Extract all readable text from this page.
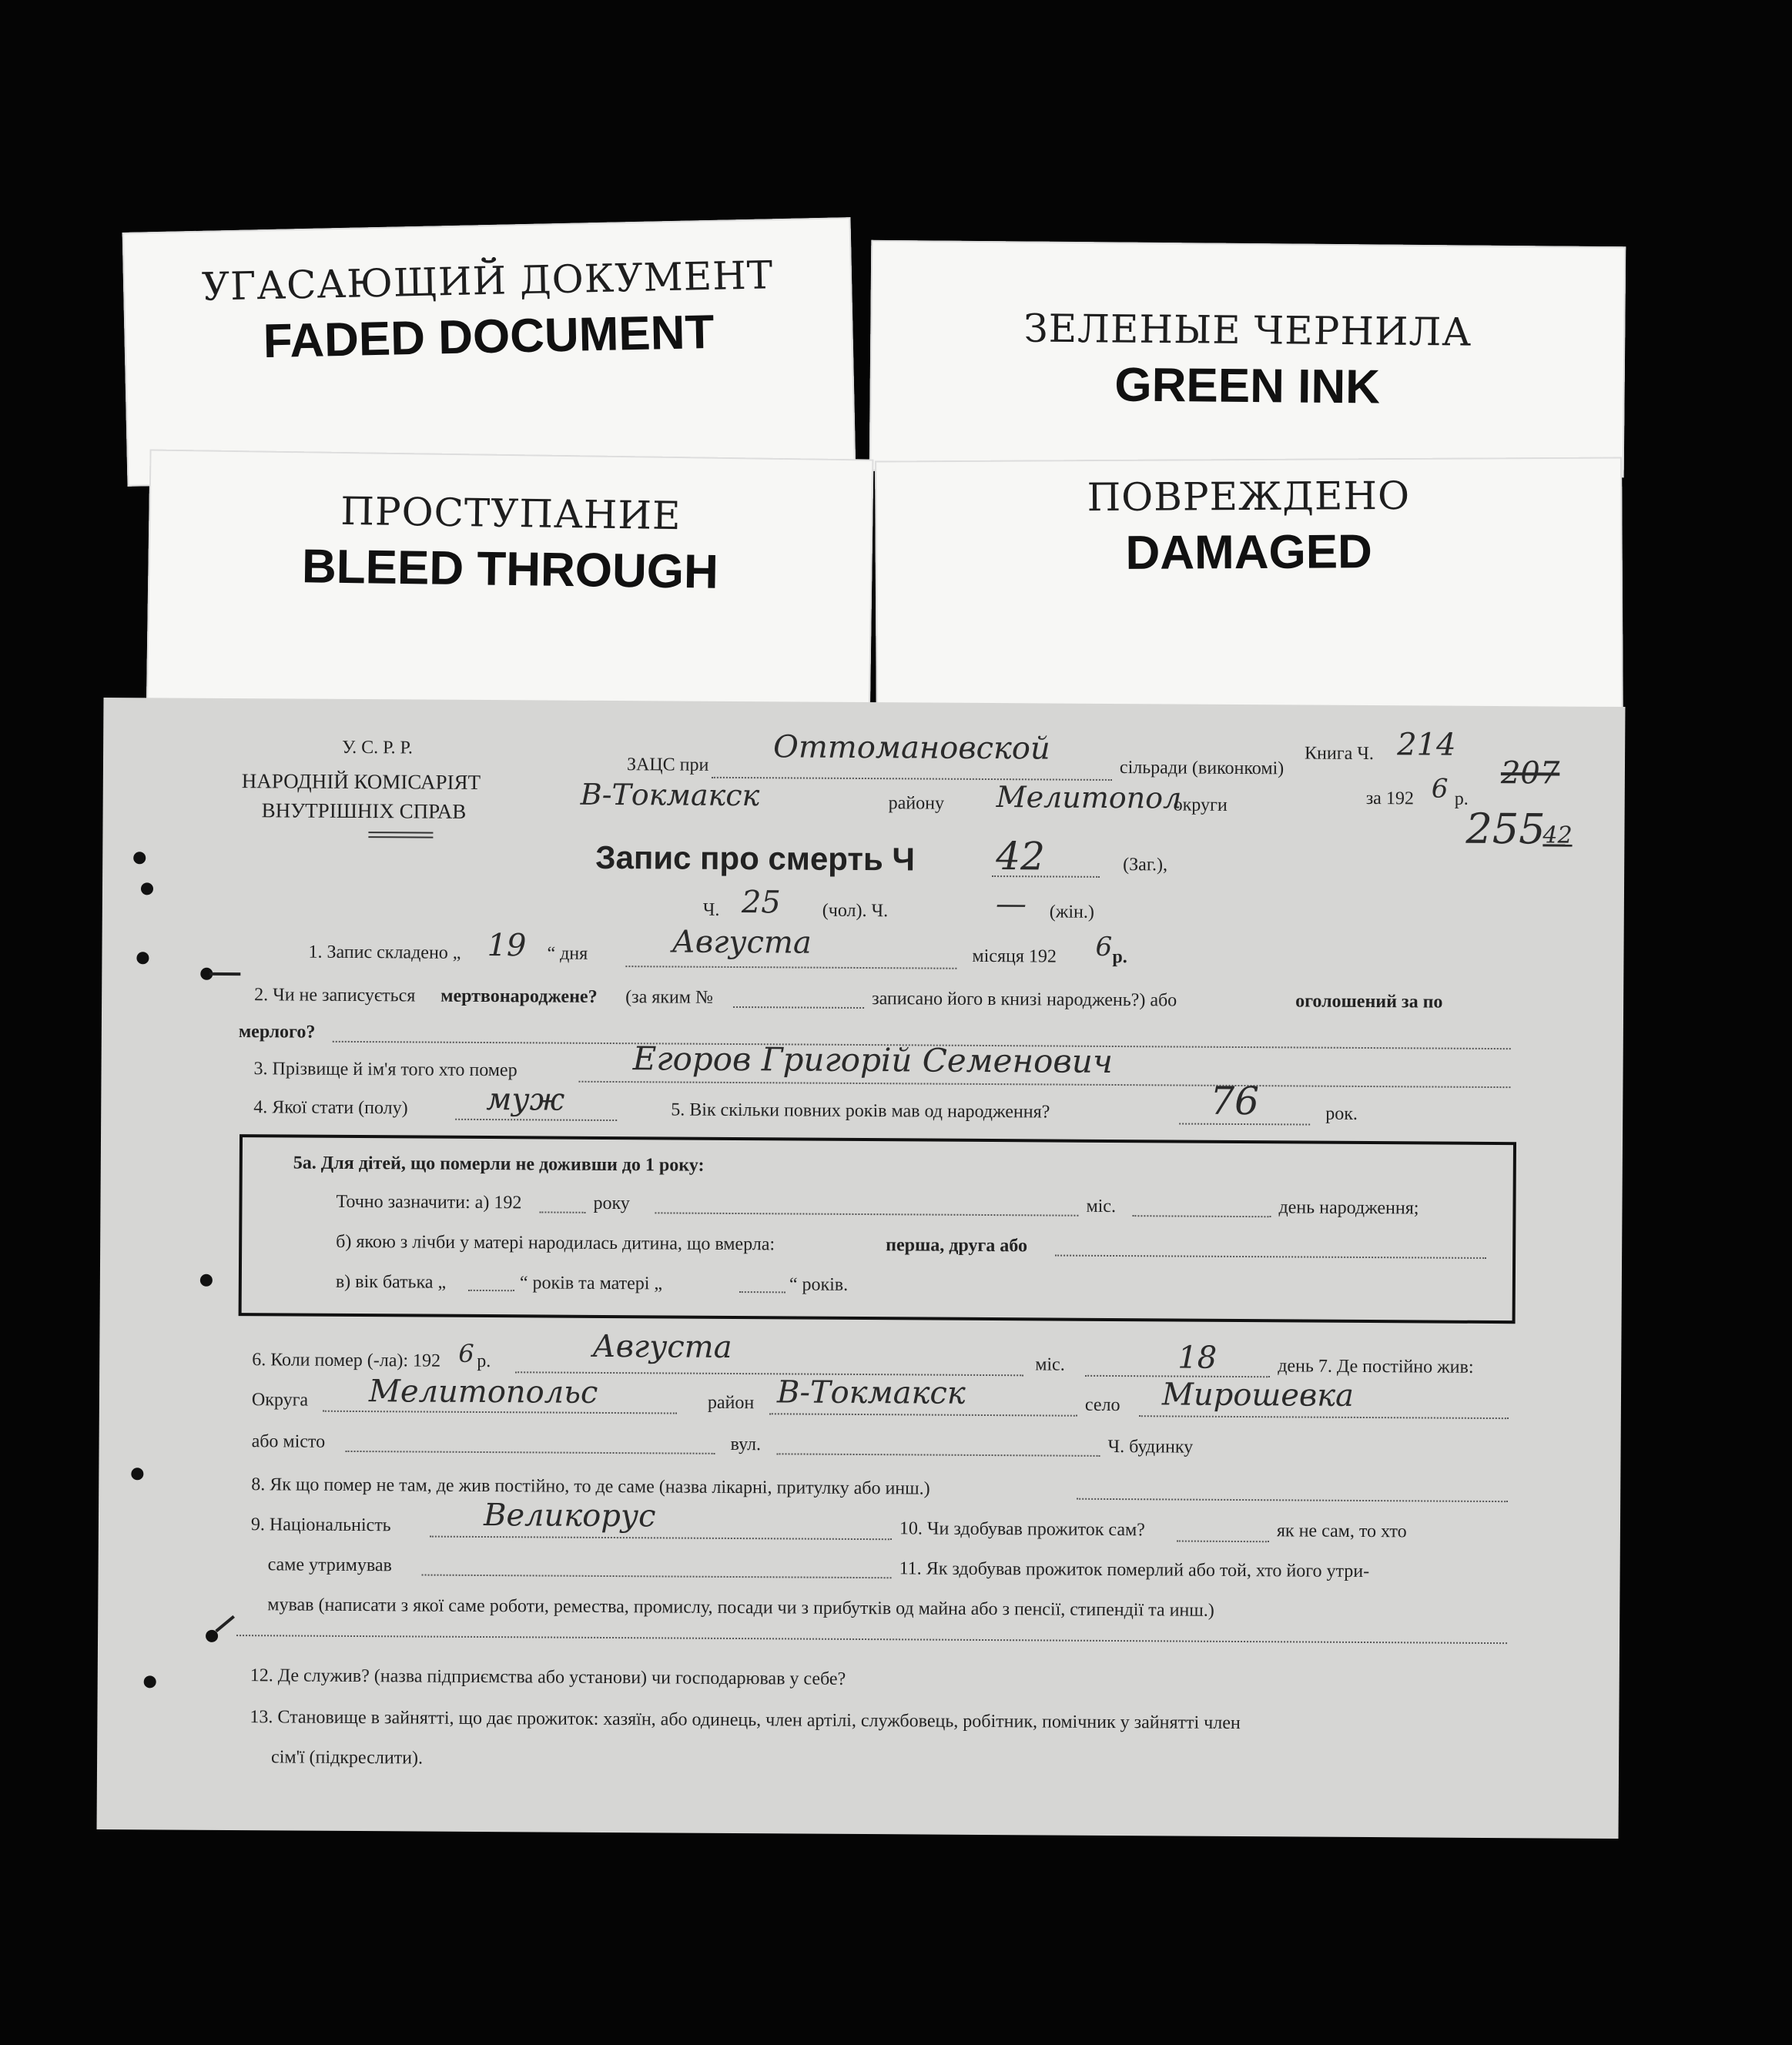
УГАСАЮЩИЙ ДОКУМЕНТ
FADED DOCUMENT	ЗЕЛЕНЫЕ ЧЕРНИЛА
GREEN INK
ПРОСТУПАНИЕ
BLEED THROUGH
ПОВРЕЖДЕНО
DAMAGED
У. С. Р. Р.
НАРОДНІЙ КОМІСАРІЯТ
ВНУТРІШНІХ СПРАВ
ЗАЦС при Оттомановской
сільради (виконкомі)
В-Токмакск	району Мелитопол
округи
Книга Ч. 214
за 192 6 р.
207
255
42
Запис про смерть Ч 42	(Заг.),
Ч. 25 (чол). Ч.	— (жін.)
1. Запис складено „ 19 “ дня	Августа	місяця 192 6 р.
2. Чи не записується мертвонароджене? (за яким №	записано його в книзі народжень?) або	оголошений за по
мерлого?
3. Прізвище й ім'я того хто помер	Егоров Григорій Семенович
4. Якої стати (полу)	муж	5. Вік скільки повних років мав од народження?	76	рок.
5а. Для дітей, що померли не доживши до 1 року:
Точно зазначити: а) 192	року	міс.	день народження;
б) якою з лічби у матері народилась дитина, що вмерла:	перша, друга або
в) вік батька „	“ років та матері „	“ років.
6. Коли помер (-ла): 192 6 р.	Августа	міс.	18	день 7. Де постійно жив:
Округа Мелитопольс	район В-Токмакск	село Мирошевка
або місто	вул.	Ч. будинку
8. Як що помер не там, де жив постійно, то де саме (назва лікарні, притулку або инш.)
9. Національність	Великорус	10. Чи здобував прожиток сам?	як не сам, то хто
саме утримував	11. Як здобував прожиток померлий або той, хто його утри-
мував (написати з якої саме роботи, ремества, промислу, посади чи з прибутків од майна або з пенсії, стипендії та инш.)
12. Де служив? (назва підприємства або установи) чи господарював у себе?
13. Становище в зайнятті, що дає прожиток: хазяїн, або одинець, член артілі, службовець, робітник, помічник у зайнятті член
сім'ї (підкреслити).
